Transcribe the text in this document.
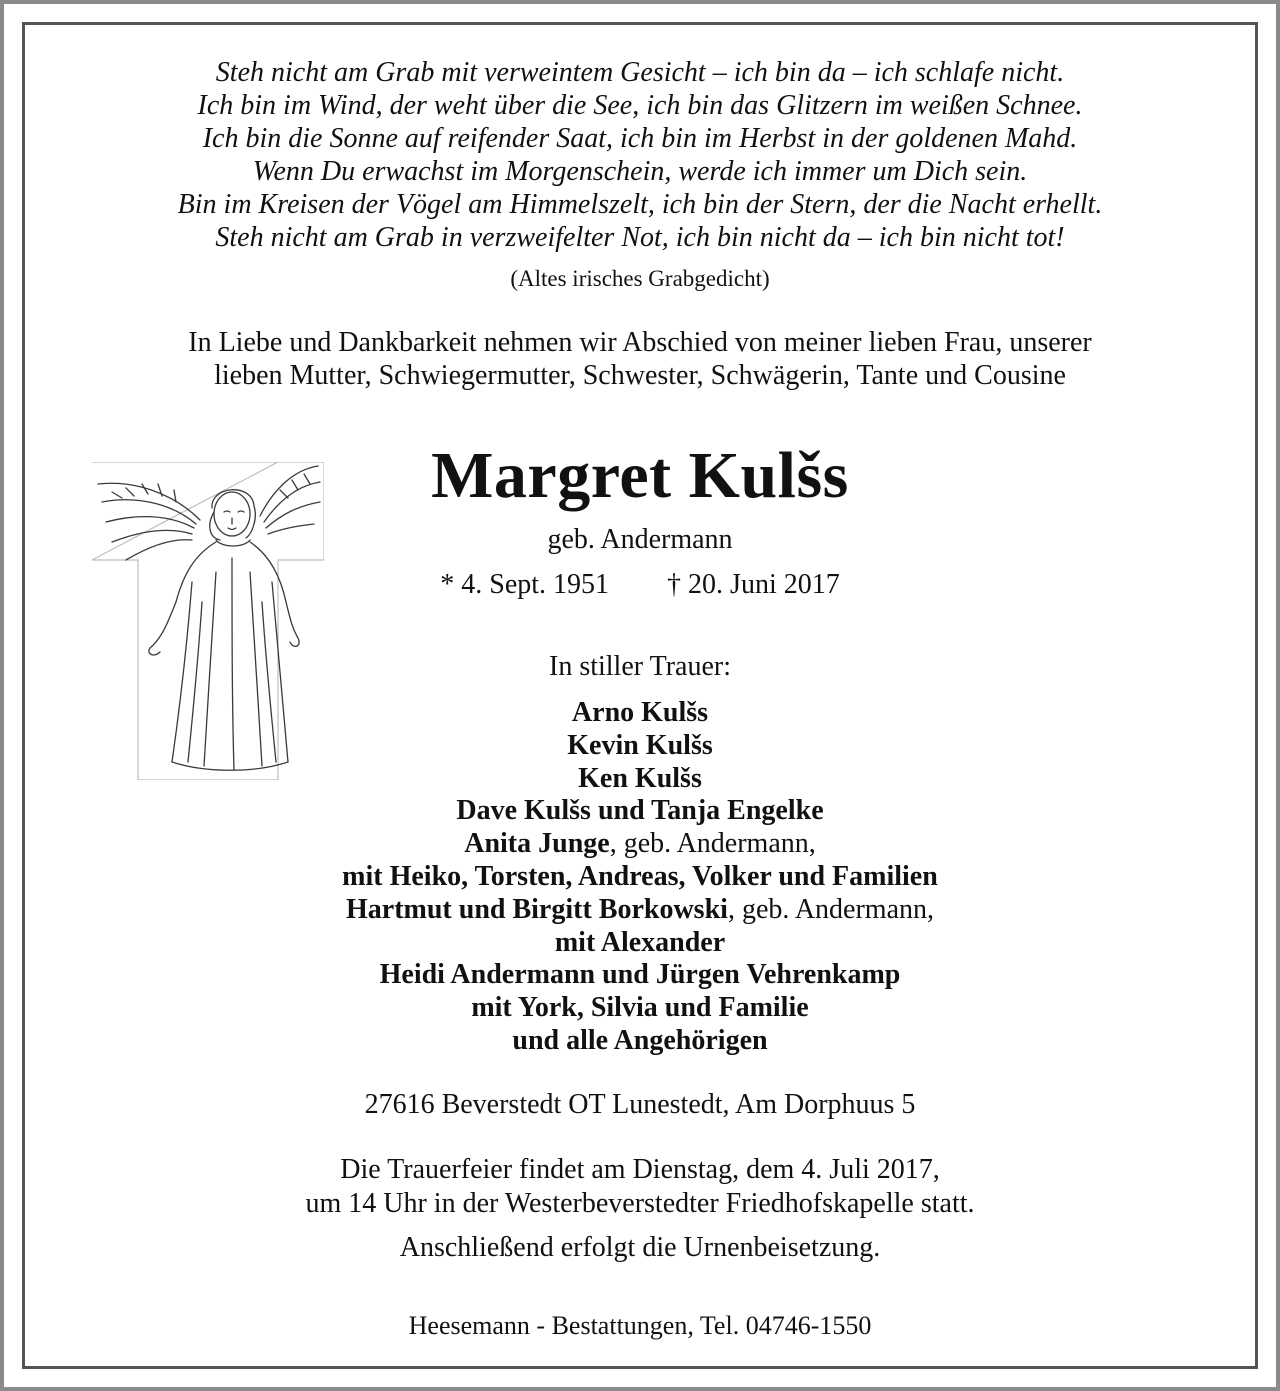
Steh nicht am Grab mit verweintem Gesicht – ich bin da – ich schlafe nicht.
Ich bin im Wind, der weht über die See, ich bin das Glitzern im weißen Schnee.
Ich bin die Sonne auf reifender Saat, ich bin im Herbst in der goldenen Mahd.
Wenn Du erwachst im Morgenschein, werde ich immer um Dich sein.
Bin im Kreisen der Vögel am Himmelszelt, ich bin der Stern, der die Nacht erhellt.
Steh nicht am Grab in verzweifelter Not, ich bin nicht da – ich bin nicht tot!
(Altes irisches Grabgedicht)
In Liebe und Dankbarkeit nehmen wir Abschied von meiner lieben Frau, unserer
lieben Mutter, Schwiegermutter, Schwester, Schwägerin, Tante und Cousine
Margret Kulšs
geb. Andermann
* 4. Sept. 1951 † 20. Juni 2017
In stiller Trauer:
Arno Kulšs
Kevin Kulšs
Ken Kulšs
Dave Kulšs und Tanja Engelke
Anita Junge, geb. Andermann,
mit Heiko, Torsten, Andreas, Volker und Familien
Hartmut und Birgitt Borkowski, geb. Andermann,
mit Alexander
Heidi Andermann und Jürgen Vehrenkamp
mit York, Silvia und Familie
und alle Angehörigen
27616 Beverstedt OT Lunestedt, Am Dorphuus 5
Die Trauerfeier findet am Dienstag, dem 4. Juli 2017,
um 14 Uhr in der Westerbeverstedter Friedhofskapelle statt.
Anschließend erfolgt die Urnenbeisetzung.
Heesemann - Bestattungen, Tel. 04746-1550
